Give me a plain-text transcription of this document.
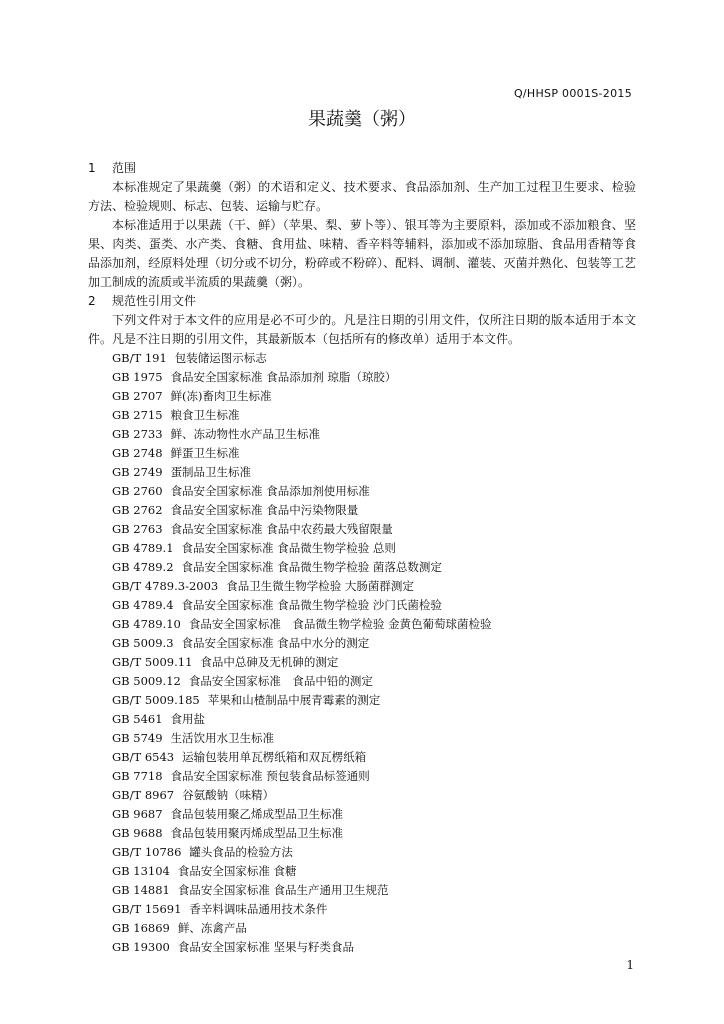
Q/HHSP 0001S-2015
果蔬羹（粥）
1 范围

本标准规定了果蔬羹（粥）的术语和定义、技术要求、食品添加剂、生产加工过程卫生要求、检验方法、检验规则、标志、包装、运输与贮存。

本标准适用于以果蔬（干、鲜）（苹果、梨、萝卜等）、银耳等为主要原料，添加或不添加粮食、坚果、肉类、蛋类、水产类、食糖、食用盐、味精、香辛料等辅料，添加或不添加琼脂、食品用香精等食品添加剂，经原料处理（切分或不切分，粉碎或不粉碎）、配料、调制、灌装、灭菌并熟化、包装等工艺加工制成的流质或半流质的果蔬羹（粥）。

2 规范性引用文件

下列文件对于本文件的应用是必不可少的。凡是注日期的引用文件，仅所注日期的版本适用于本文件。凡是不注日期的引用文件，其最新版本（包括所有的修改单）适用于本文件。

GB/T 191 包装储运图示标志
GB 1975 食品安全国家标准 食品添加剂 琼脂（琼胶）
GB 2707 鲜(冻)畜肉卫生标准
GB 2715 粮食卫生标准
GB 2733 鲜、冻动物性水产品卫生标准
GB 2748 鲜蛋卫生标准
GB 2749 蛋制品卫生标准
GB 2760 食品安全国家标准 食品添加剂使用标准
GB 2762 食品安全国家标准 食品中污染物限量
GB 2763 食品安全国家标准 食品中农药最大残留限量
GB 4789.1 食品安全国家标准 食品微生物学检验 总则
GB 4789.2 食品安全国家标准 食品微生物学检验 菌落总数测定
GB/T 4789.3-2003 食品卫生微生物学检验 大肠菌群测定
GB 4789.4 食品安全国家标准 食品微生物学检验 沙门氏菌检验
GB 4789.10 食品安全国家标准　食品微生物学检验 金黄色葡萄球菌检验
GB 5009.3 食品安全国家标准 食品中水分的测定
GB/T 5009.11 食品中总砷及无机砷的测定
GB 5009.12 食品安全国家标准　食品中铅的测定
GB/T 5009.185 苹果和山楂制品中展青霉素的测定
GB 5461 食用盐
GB 5749 生活饮用水卫生标准
GB/T 6543 运输包装用单瓦楞纸箱和双瓦楞纸箱
GB 7718 食品安全国家标准 预包装食品标签通则
GB/T 8967 谷氨酸钠（味精）
GB 9687 食品包装用聚乙烯成型品卫生标准
GB 9688 食品包装用聚丙烯成型品卫生标准
GB/T 10786 罐头食品的检验方法
GB 13104 食品安全国家标准 食糖
GB 14881 食品安全国家标准 食品生产通用卫生规范
GB/T 15691 香辛料调味品通用技术条件
GB 16869 鲜、冻禽产品
GB 19300 食品安全国家标准 坚果与籽类食品
1
